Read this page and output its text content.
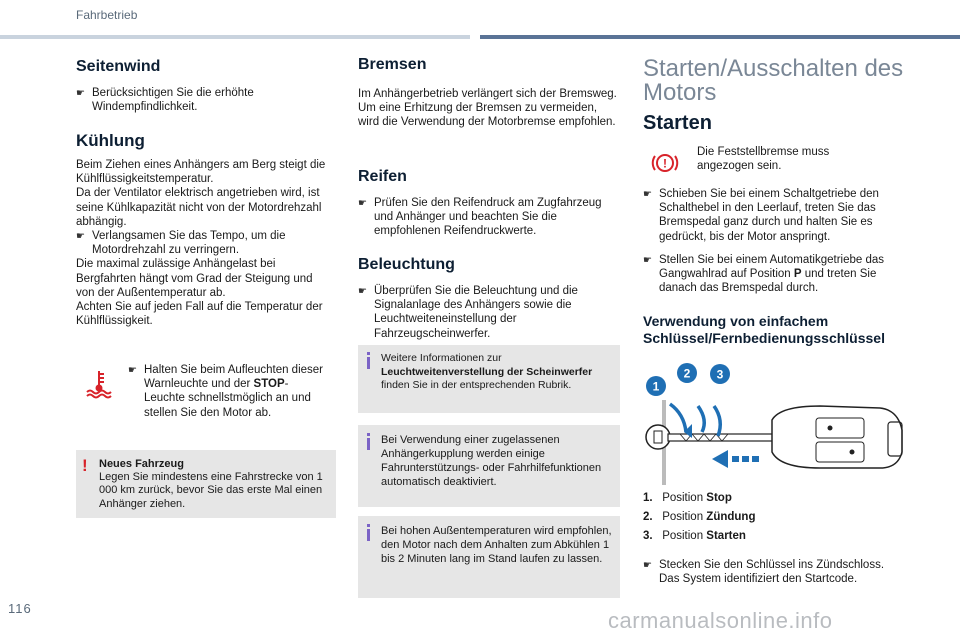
Fahrbetrieb
Seitenwind
☛ Berücksichtigen Sie die erhöhte Windempfindlichkeit.
Kühlung
Beim Ziehen eines Anhängers am Berg steigt die Kühlflüssigkeitstemperatur.
Da der Ventilator elektrisch angetrieben wird, ist seine Kühlkapazität nicht von der Motordrehzahl abhängig.
☛ Verlangsamen Sie das Tempo, um die Motordrehzahl zu verringern.
Die maximal zulässige Anhängelast bei Bergfahrten hängt vom Grad der Steigung und von der Außentemperatur ab.
Achten Sie auf jeden Fall auf die Temperatur der Kühlflüssigkeit.
☛ Halten Sie beim Aufleuchten dieser Warnleuchte und der STOP-Leuchte schnellstmöglich an und stellen Sie den Motor ab.
! Neues Fahrzeug
Legen Sie mindestens eine Fahrstrecke von 1 000 km zurück, bevor Sie das erste Mal einen Anhänger ziehen.
Bremsen
Im Anhängerbetrieb verlängert sich der Bremsweg.
Um eine Erhitzung der Bremsen zu vermeiden, wird die Verwendung der Motorbremse empfohlen.
Reifen
☛ Prüfen Sie den Reifendruck am Zugfahrzeug und Anhänger und beachten Sie die empfohlenen Reifendruckwerte.
Beleuchtung
☛ Überprüfen Sie die Beleuchtung und die Signalanlage des Anhängers sowie die Leuchtweiteneinstellung der Fahrzeugscheinwerfer.
Weitere Informationen zur
Leuchtweitenverstellung der Scheinwerfer
finden Sie in der entsprechenden Rubrik.
Bei Verwendung einer zugelassenen Anhängerkupplung werden einige Fahrunterstützungs- oder Fahrhilfefunktionen automatisch deaktiviert.
Bei hohen Außentemperaturen wird empfohlen, den Motor nach dem Anhalten zum Abkühlen 1 bis 2 Minuten lang im Stand laufen zu lassen.
Starten/Ausschalten des
Motors
Starten
!
Die Feststellbremse muss angezogen sein.
☛ Schieben Sie bei einem Schaltgetriebe den Schalthebel in den Leerlauf, treten Sie das Bremspedal ganz durch und halten Sie es gedrückt, bis der Motor anspringt.
☛ Stellen Sie bei einem Automatikgetriebe das Gangwahlrad auf Position P und treten Sie danach das Bremspedal durch.
Verwendung von einfachem
Schlüssel/Fernbedienungsschlüssel
1
2 3
1. Position Stop
2. Position Zündung
3. Position Starten
☛ Stecken Sie den Schlüssel ins Zündschloss. Das System identifiziert den Startcode.
116	carmanualsonline.info
